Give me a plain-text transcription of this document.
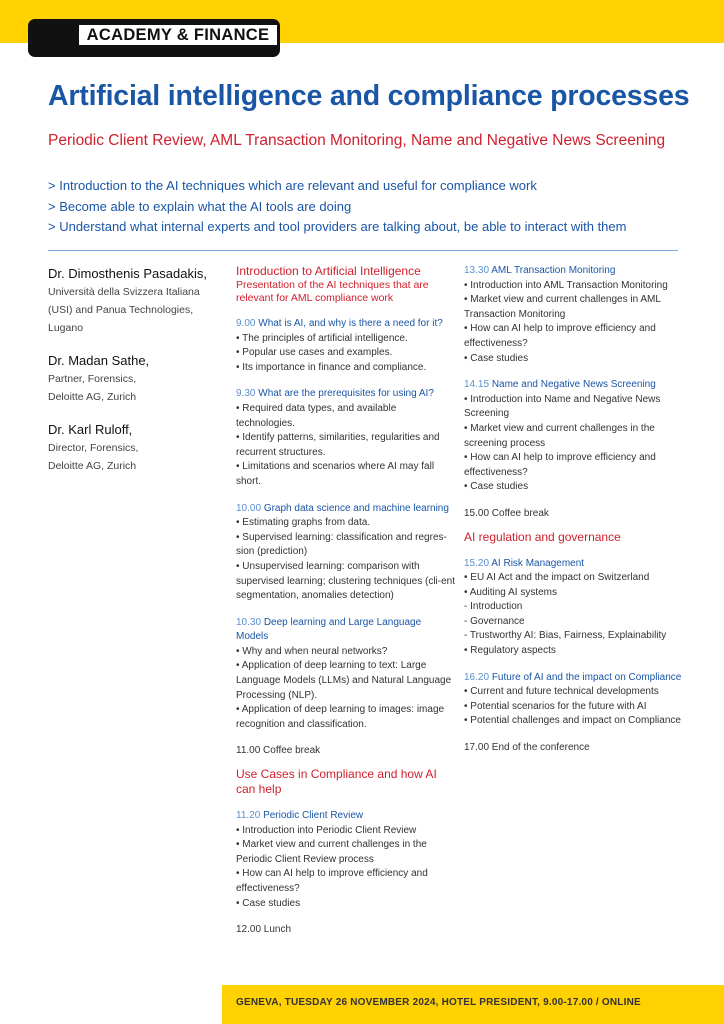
ACADEMY & FINANCE
Artificial intelligence and compliance processes
Periodic Client Review, AML Transaction Monitoring, Name and Negative News Screening
> Introduction to the AI techniques which are relevant and useful for compliance work
> Become able to explain what the AI tools are doing
> Understand what internal experts and tool providers are talking about, be able to interact with them
Dr. Dimosthenis Pasadakis,
Università della Svizzera Italiana
(USI) and Panua Technologies,
Lugano
Dr. Madan Sathe,
Partner, Forensics,
Deloitte AG, Zurich
Dr. Karl Ruloff,
Director, Forensics,
Deloitte AG, Zurich
Introduction to Artificial Intelligence
Presentation of the AI techniques that are relevant for AML compliance work
9.00 What is AI, and why is there a need for it?
• The principles of artificial intelligence.
• Popular use cases and examples.
• Its importance in finance and compliance.
9.30 What are the prerequisites for using AI?
• Required data types, and available technologies.
• Identify patterns, similarities, regularities and recurrent structures.
• Limitations and scenarios where AI may fall short.
10.00 Graph data science and machine learning
• Estimating graphs from data.
• Supervised learning: classification and regres-sion (prediction)
• Unsupervised learning: comparison with supervised learning; clustering techniques (cli-ent segmentation, anomalies detection)
10.30 Deep learning and Large Language Models
• Why and when neural networks?
• Application of deep learning to text: Large Language Models (LLMs) and Natural Language Processing (NLP).
• Application of deep learning to images: image recognition and classification.
11.00 Coffee break
Use Cases in Compliance and how AI can help
11.20 Periodic Client Review
• Introduction into Periodic Client Review
• Market view and current challenges in the Periodic Client Review process
• How can AI help to improve efficiency and effectiveness?
• Case studies
12.00 Lunch
13.30 AML Transaction Monitoring
• Introduction into AML Transaction Monitoring
• Market view and current challenges in AML Transaction Monitoring
• How can AI help to improve efficiency and effectiveness?
• Case studies
14.15 Name and Negative News Screening
• Introduction into Name and Negative News Screening
• Market view and current challenges in the screening process
• How can AI help to improve efficiency and effectiveness?
• Case studies
15.00 Coffee break
AI regulation and governance
15.20 AI Risk Management
• EU AI Act and the impact on Switzerland
• Auditing AI systems
- Introduction
- Governance
- Trustworthy AI: Bias, Fairness, Explainability
• Regulatory aspects
16.20 Future of AI and the impact on Compliance
• Current and future technical developments
• Potential scenarios for the future with AI
• Potential challenges and impact on Compliance
17.00 End of the conference
GENEVA, TUESDAY 26 NOVEMBER 2024, HOTEL PRESIDENT, 9.00-17.00 / ONLINE
